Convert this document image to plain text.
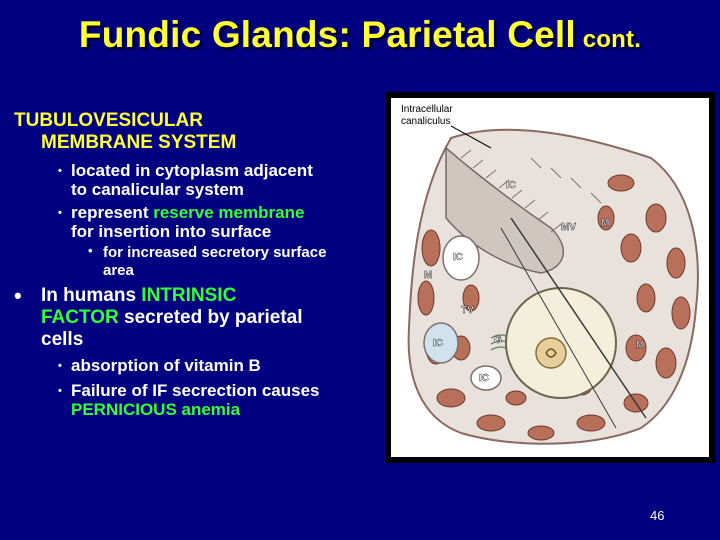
Fundic Glands: Parietal Cell cont.
TUBULOVESICULAR
MEMBRANE SYSTEM
• located in cytoplasm adjacent
to canalicular system
• represent reserve membrane
for insertion into surface
• for increased secretory surface
area
• In humans INTRINSIC
FACTOR secreted by parietal
cells
• absorption of vitamin B
• Failure of IF secrection causes
PERNICIOUS anemia
Intracellular
canaliculus
IC
MV	M
IC
M
TV
IC	G
IC
M
46
